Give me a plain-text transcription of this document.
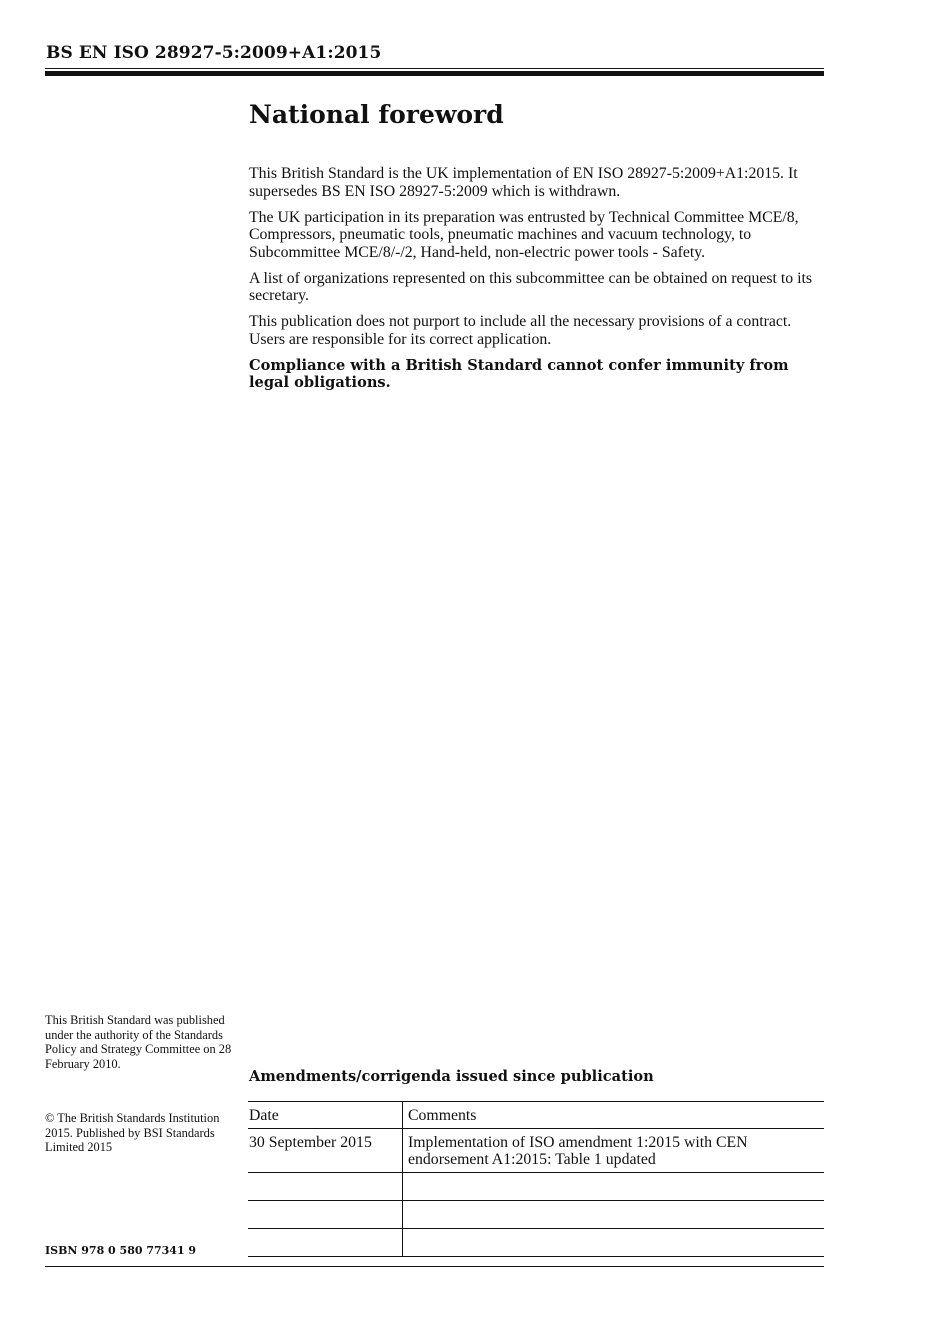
BS EN ISO 28927-5:2009+A1:2015
National foreword

This British Standard is the UK implementation of EN ISO 28927-5:2009+A1:2015. It supersedes BS EN ISO 28927-5:2009 which is withdrawn.

The UK participation in its preparation was entrusted by Technical Committee MCE/8, Compressors, pneumatic tools, pneumatic machines and vacuum technology, to Subcommittee MCE/8/-/2, Hand-held, non-electric power tools - Safety.

A list of organizations represented on this subcommittee can be obtained on request to its secretary.

This publication does not purport to include all the necessary provisions of a contract. Users are responsible for its correct application.

Compliance with a British Standard cannot confer immunity from legal obligations.

This British Standard was published under the authority of the Standards Policy and Strategy Committee on 28 February 2010.

© The British Standards Institution 2015. Published by BSI Standards Limited 2015

ISBN 978 0 580 77341 9
Amendments/corrigenda issued since publication
Date	Comments
30 September 2015	Implementation of ISO amendment 1:2015 with CEN endorsement A1:2015: Table 1 updated
